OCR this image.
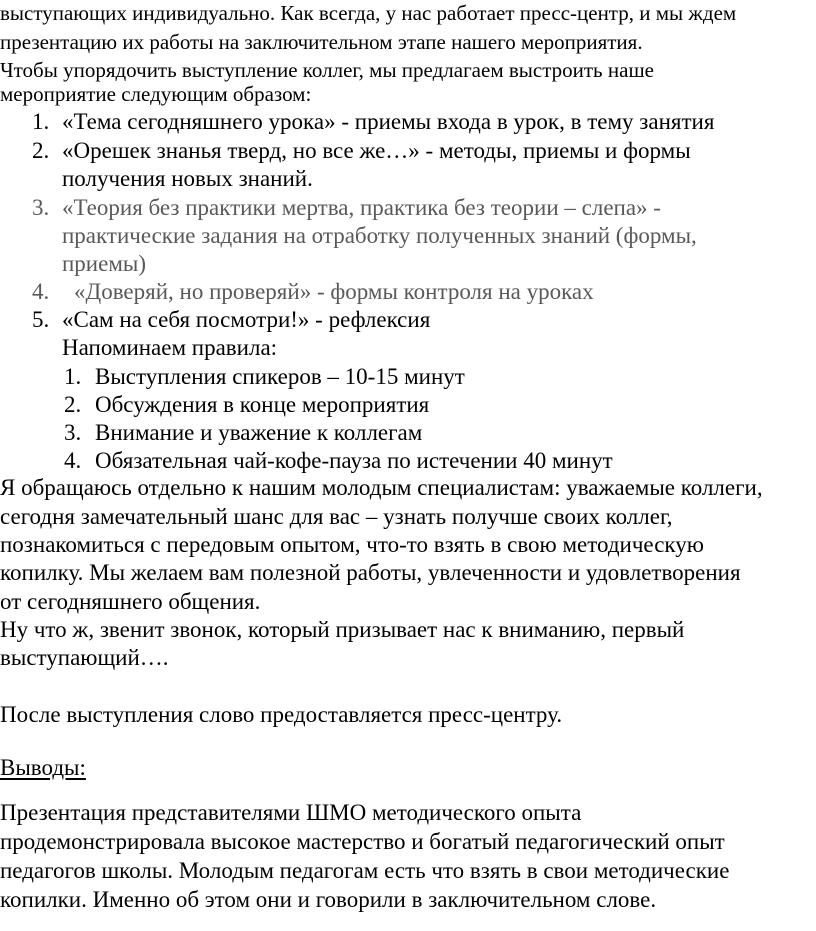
выступающих индивидуально. Как всегда, у нас работает пресс-центр, и мы ждем
презентацию их работы на заключительном этапе нашего мероприятия.
Чтобы упорядочить выступление коллег, мы предлагаем выстроить наше
мероприятие следующим образом:
1. «Тема сегодняшнего урока» - приемы входа в урок, в тему занятия
2. «Орешек знанья тверд, но все же…» - методы, приемы и формы
получения новых знаний.
3. «Теория без практики мертва, практика без теории – слепа» -
практические задания на отработку полученных знаний (формы,
приемы)
4. «Доверяй, но проверяй» - формы контроля на уроках
5. «Сам на себя посмотри!» - рефлексия
Напоминаем правила:
1. Выступления спикеров – 10-15 минут
2. Обсуждения в конце мероприятия
3. Внимание и уважение к коллегам
4. Обязательная чай-кофе-пауза по истечении 40 минут
Я обращаюсь отдельно к нашим молодым специалистам: уважаемые коллеги,
сегодня замечательный шанс для вас – узнать получше своих коллег,
познакомиться с передовым опытом, что-то взять в свою методическую
копилку. Мы желаем вам полезной работы, увлеченности и удовлетворения
от сегодняшнего общения.
Ну что ж, звенит звонок, который призывает нас к вниманию, первый
выступающий….
После выступления слово предоставляется пресс-центру.
Выводы:
Презентация представителями ШМО методического опыта
продемонстрировала высокое мастерство и богатый педагогический опыт
педагогов школы. Молодым педагогам есть что взять в свои методические
копилки. Именно об этом они и говорили в заключительном слове.
